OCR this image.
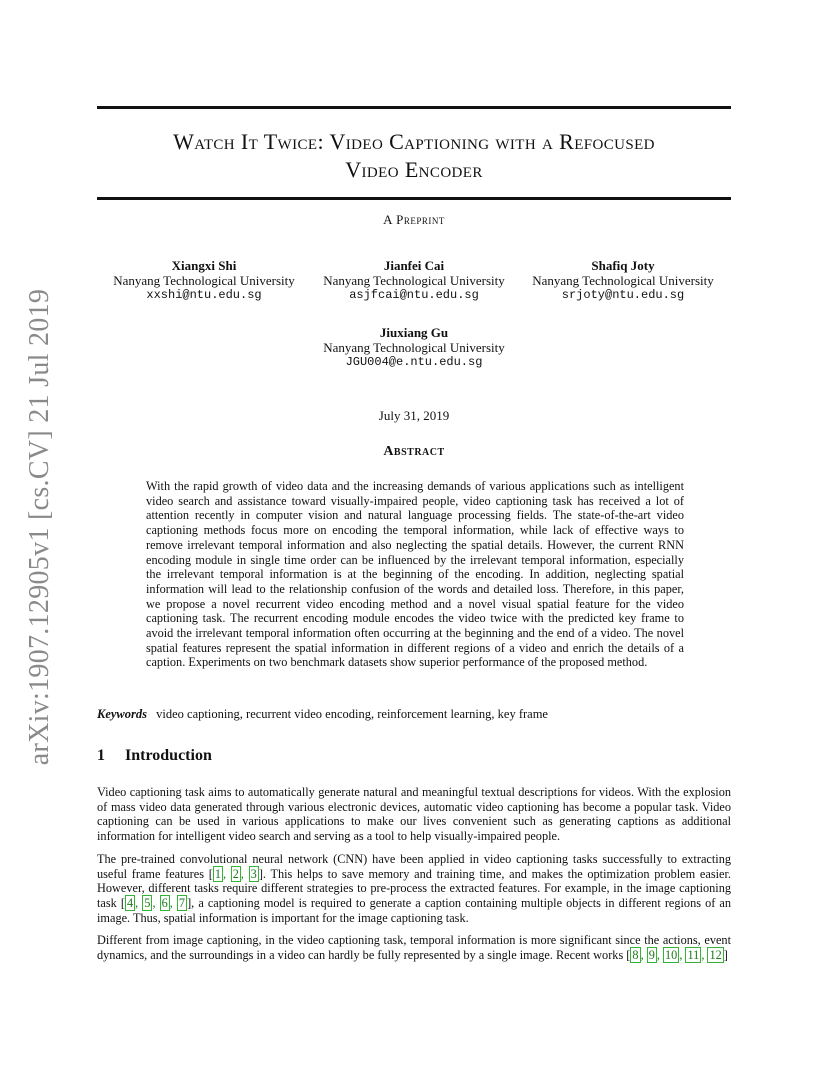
arXiv:1907.12905v1 [cs.CV] 21 Jul 2019
Watch It Twice: Video Captioning with a Refocused
Video Encoder
A Preprint
Xiangxi Shi
Nanyang Technological University
xxshi@ntu.edu.sg
Jianfei Cai
Nanyang Technological University
asjfcai@ntu.edu.sg
Shafiq Joty
Nanyang Technological University
srjoty@ntu.edu.sg
Jiuxiang Gu
Nanyang Technological University
JGU004@e.ntu.edu.sg
July 31, 2019
Abstract

With the rapid growth of video data and the increasing demands of various applications such as intelligent video search and assistance toward visually-impaired people, video captioning task has received a lot of attention recently in computer vision and natural language processing fields. The state-of-the-art video captioning methods focus more on encoding the temporal information, while lack of effective ways to remove irrelevant temporal information and also neglecting the spatial details. However, the current RNN encoding module in single time order can be influenced by the irrelevant temporal information, especially the irrelevant temporal information is at the beginning of the encoding. In addition, neglecting spatial information will lead to the relationship confusion of the words and detailed loss. Therefore, in this paper, we propose a novel recurrent video encoding method and a novel visual spatial feature for the video captioning task. The recurrent encoding module encodes the video twice with the predicted key frame to avoid the irrelevant temporal information often occurring at the beginning and the end of a video. The novel spatial features represent the spatial information in different regions of a video and enrich the details of a caption. Experiments on two benchmark datasets show superior performance of the proposed method.

Keywords video captioning, recurrent video encoding, reinforcement learning, key frame
1 Introduction

Video captioning task aims to automatically generate natural and meaningful textual descriptions for videos. With the explosion of mass video data generated through various electronic devices, automatic video captioning has become a popular task. Video captioning can be used in various applications to make our lives convenient such as generating captions as additional information for intelligent video search and serving as a tool to help visually-impaired people.

The pre-trained convolutional neural network (CNN) have been applied in video captioning tasks successfully to extracting useful frame features [ 1 , 2 , 3 ]. This helps to save memory and training time, and makes the optimization problem easier. However, different tasks require different strategies to pre-process the extracted features. For example, in the image captioning task [ 4 , 5 , 6 , 7 ], a captioning model is required to generate a caption containing multiple objects in different regions of an image. Thus, spatial information is important for the image captioning task.

Different from image captioning, in the video captioning task, temporal information is more significant since the actions, event dynamics, and the surroundings in a video can hardly be fully represented by a single image. Recent works [ 8 , 9 , 10 , 11 , 12 ]
